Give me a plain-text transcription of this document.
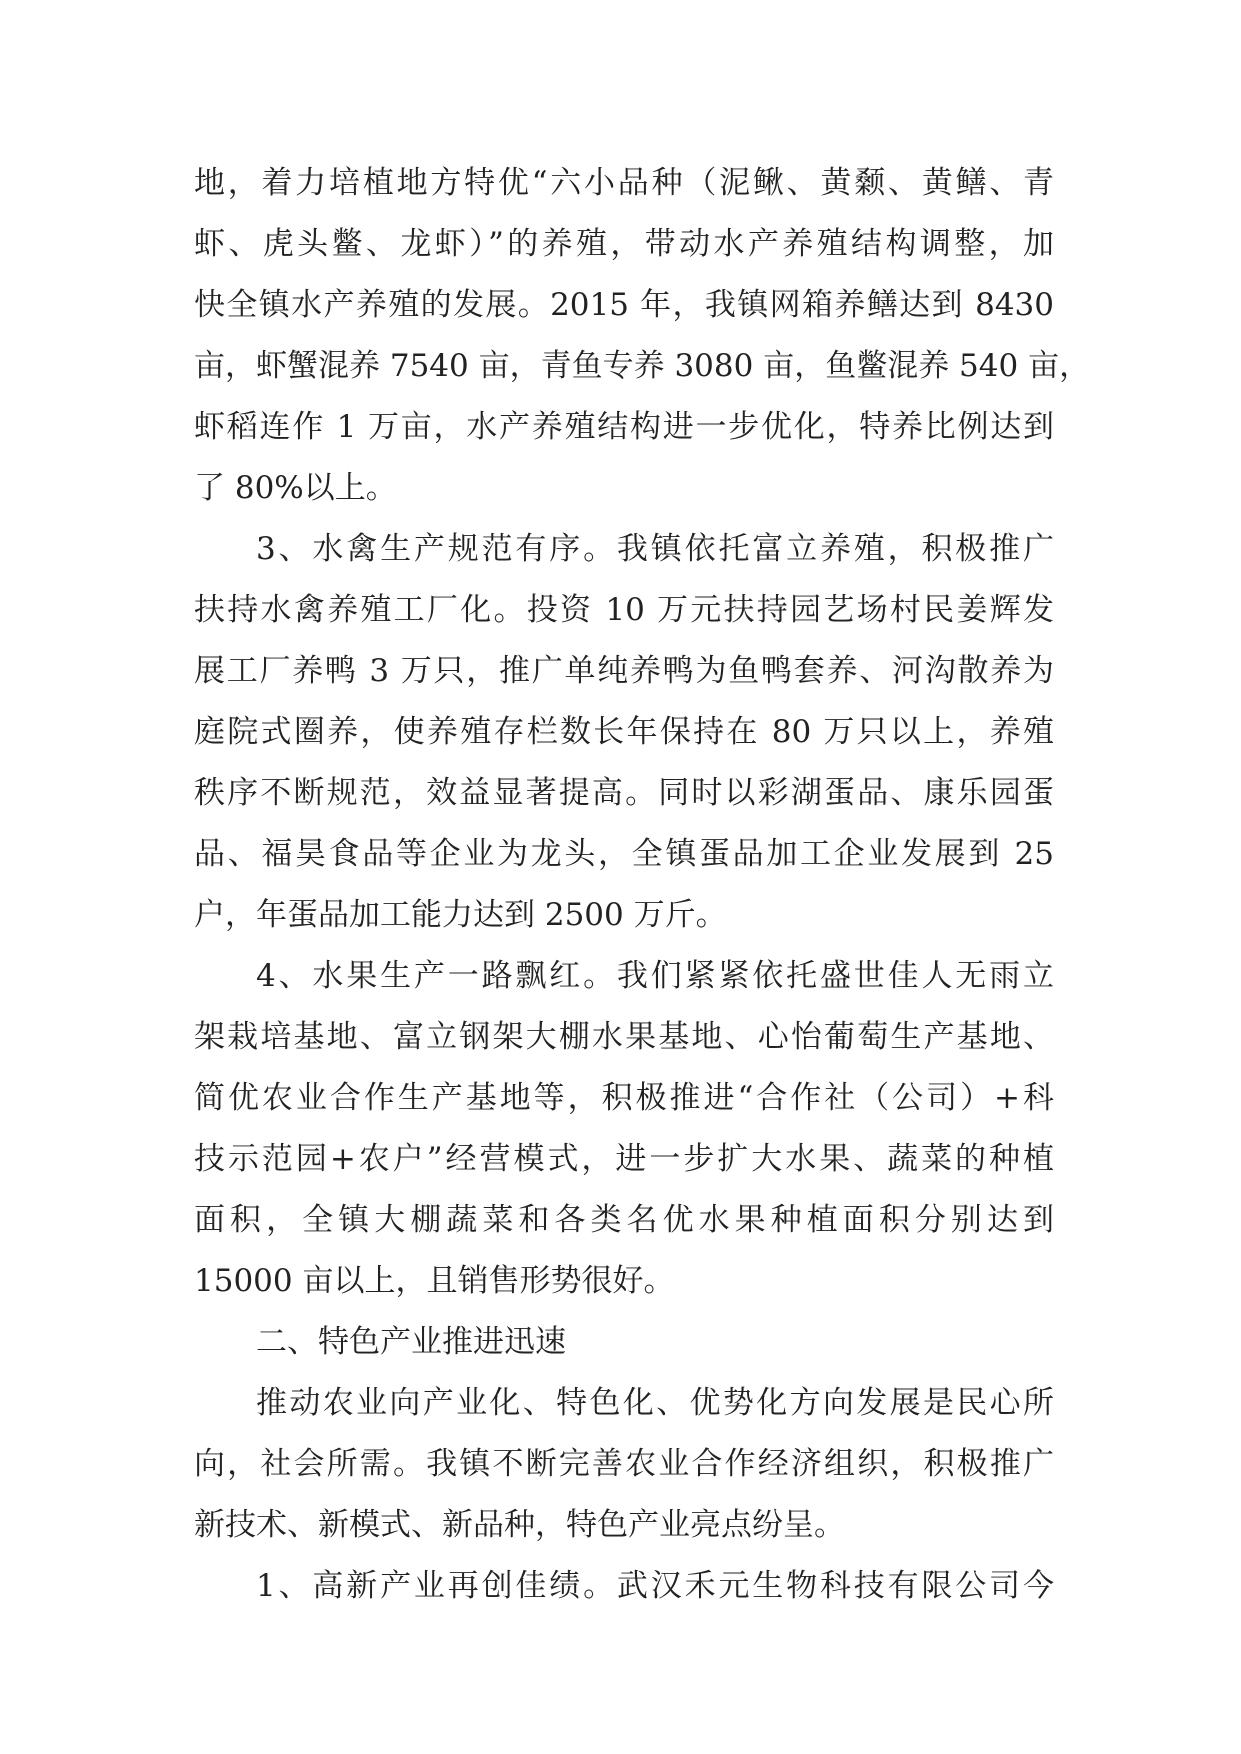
地，着力培植地方特优“六小品种（泥鳅、黄颡、黄鳝、青
虾、虎头鳖、龙虾）”的养殖，带动水产养殖结构调整，加
快全镇水产养殖的发展。2015 年，我镇网箱养鳝达到 8430
亩，虾蟹混养 7540 亩，青鱼专养 3080 亩，鱼鳖混养 540 亩，
虾稻连作 1 万亩，水产养殖结构进一步优化，特养比例达到
了 80%以上。
3、水禽生产规范有序。我镇依托富立养殖，积极推广
扶持水禽养殖工厂化。投资 10 万元扶持园艺场村民姜辉发
展工厂养鸭 3 万只，推广单纯养鸭为鱼鸭套养、河沟散养为
庭院式圈养，使养殖存栏数长年保持在 80 万只以上，养殖
秩序不断规范，效益显著提高。同时以彩湖蛋品、康乐园蛋
品、福昊食品等企业为龙头，全镇蛋品加工企业发展到 25
户，年蛋品加工能力达到 2500 万斤。
4、水果生产一路飘红。我们紧紧依托盛世佳人无雨立
架栽培基地、富立钢架大棚水果基地、心怡葡萄生产基地、
简优农业合作生产基地等，积极推进“合作社（公司）+科
技示范园+农户”经营模式，进一步扩大水果、蔬菜的种植
面积，全镇大棚蔬菜和各类名优水果种植面积分别达到
15000 亩以上，且销售形势很好。
二、特色产业推进迅速
推动农业向产业化、特色化、优势化方向发展是民心所
向，社会所需。我镇不断完善农业合作经济组织，积极推广
新技术、新模式、新品种，特色产业亮点纷呈。
1、高新产业再创佳绩。武汉禾元生物科技有限公司今
